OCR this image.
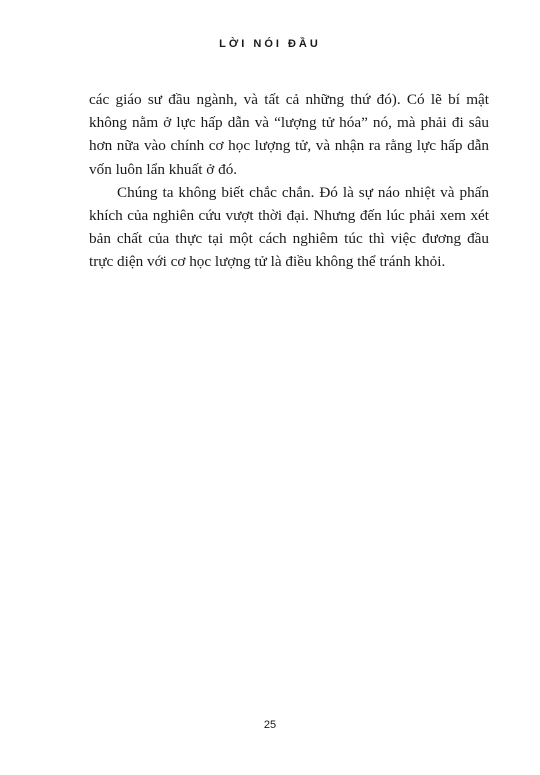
LỜI NÓI ĐẦU

các giáo sư đầu ngành, và tất cả những thứ đó). Có lẽ bí mật không nằm ở lực hấp dẫn và “lượng tử hóa” nó, mà phải đi sâu hơn nữa vào chính cơ học lượng tử, và nhận ra rằng lực hấp dẫn vốn luôn lẩn khuất ở đó.

Chúng ta không biết chắc chắn. Đó là sự náo nhiệt và phấn khích của nghiên cứu vượt thời đại. Nhưng đến lúc phải xem xét bản chất của thực tại một cách nghiêm túc thì việc đương đầu trực diện với cơ học lượng tử là điều không thể tránh khỏi.

25
